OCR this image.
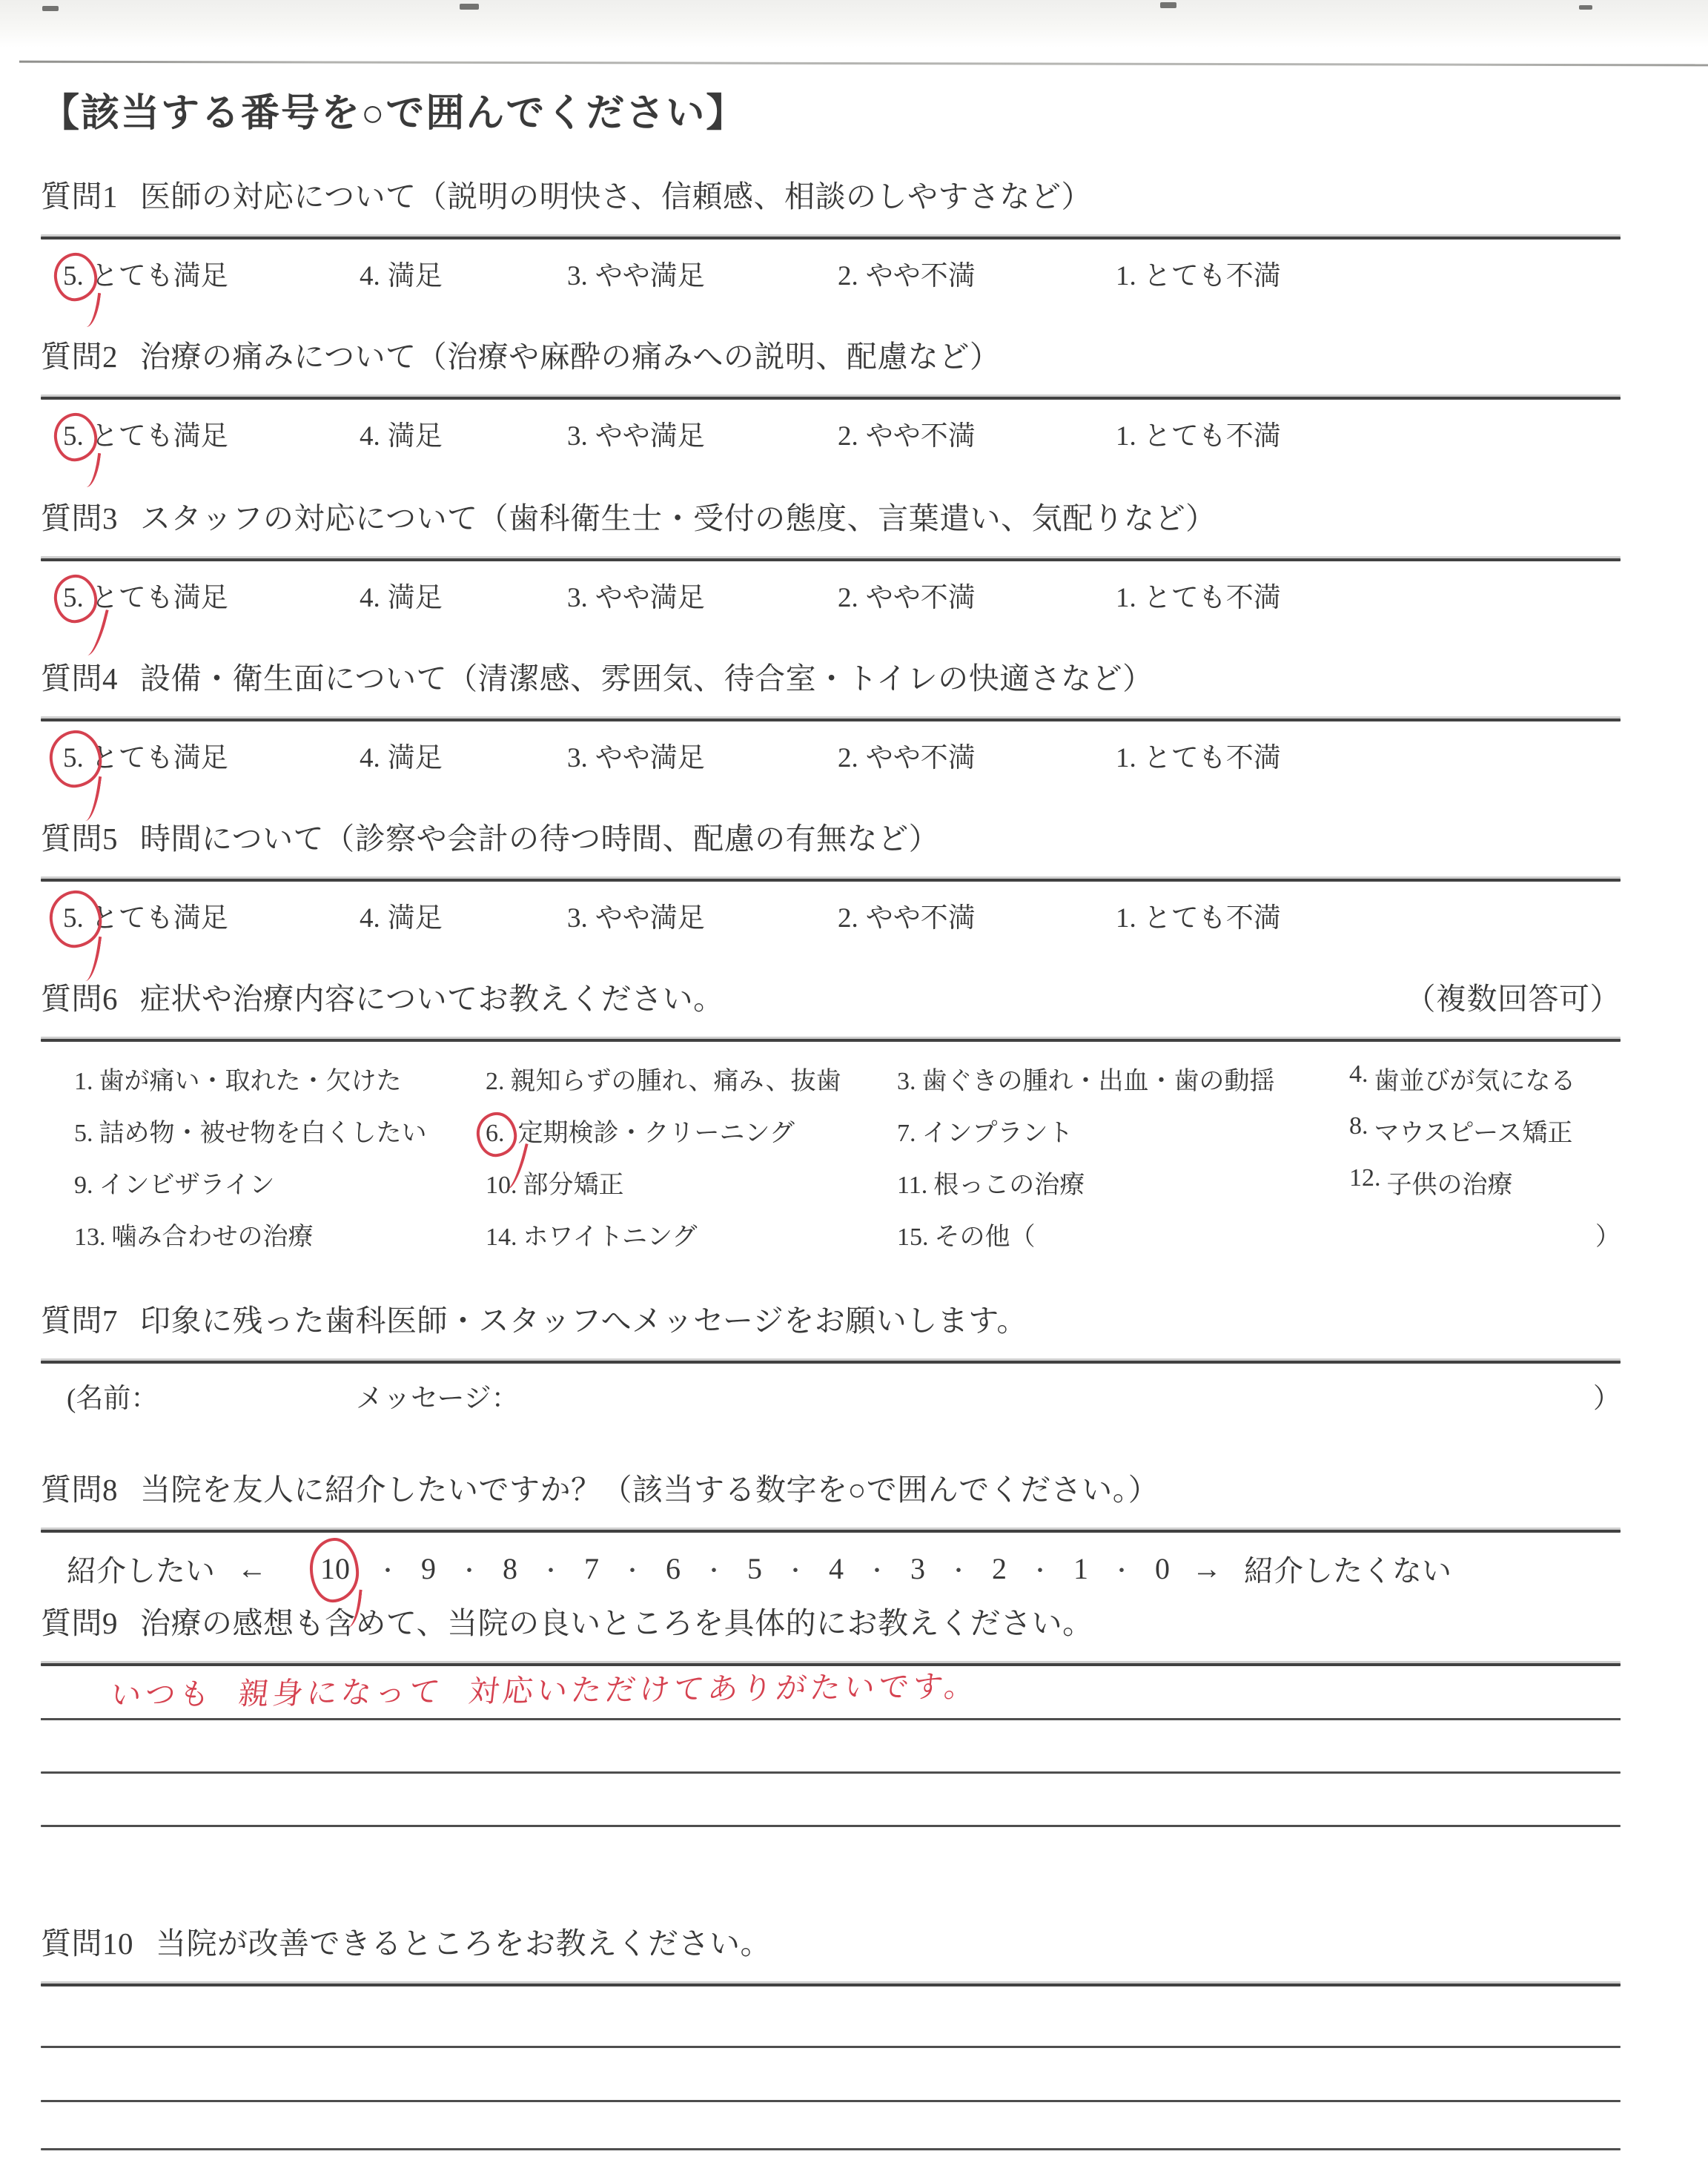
【該当する番号を○で囲んでください】
質問1 医師の対応について（説明の明快さ、信頼感、相談のしやすさなど）
5. とても満足	4. 満足	3. やや満足	2. やや不満	1. とても不満
質問2 治療の痛みについて（治療や麻酔の痛みへの説明、配慮など）
5. とても満足	4. 満足	3. やや満足	2. やや不満	1. とても不満
質問3 スタッフの対応について（歯科衛生士・受付の態度、言葉遣い、気配りなど）
5. とても満足	4. 満足	3. やや満足	2. やや不満	1. とても不満
質問4 設備・衛生面について（清潔感、雰囲気、待合室・トイレの快適さなど）
5. とても満足	4. 満足	3. やや満足	2. やや不満	1. とても不満
質問5 時間について（診察や会計の待つ時間、配慮の有無など）
5. とても満足	4. 満足	3. やや満足	2. やや不満	1. とても不満
質問6 症状や治療内容についてお教えください。	（複数回答可）
1. 歯が痛い・取れた・欠けた	2. 親知らずの腫れ、痛み、抜歯	3. 歯ぐきの腫れ・出血・歯の動揺	4. 歯並びが気になる
5. 詰め物・被せ物を白くしたい	6. 定期検診・クリーニング	7. インプラント	8. マウスピース矯正
9. インビザライン	10. 部分矯正	11. 根っこの治療	12. 子供の治療
13. 噛み合わせの治療	14. ホワイトニング	15. その他（	）
質問7 印象に残った歯科医師・スタッフへメッセージをお願いします。
(名前：	メッセージ：	）
質問8 当院を友人に紹介したいですか？（該当する数字を○で囲んでください。）
紹介したい ← 10 ・ 9 ・ 8 ・ 7 ・ 6 ・ 5 ・ 4 ・ 3 ・ 2 ・ 1 ・ 0 → 紹介したくない
質問9 治療の感想も含めて、当院の良いところを具体的にお教えください。
いつも 親身になって 対応いただけてありがたいです。
質問10 当院が改善できるところをお教えください。
